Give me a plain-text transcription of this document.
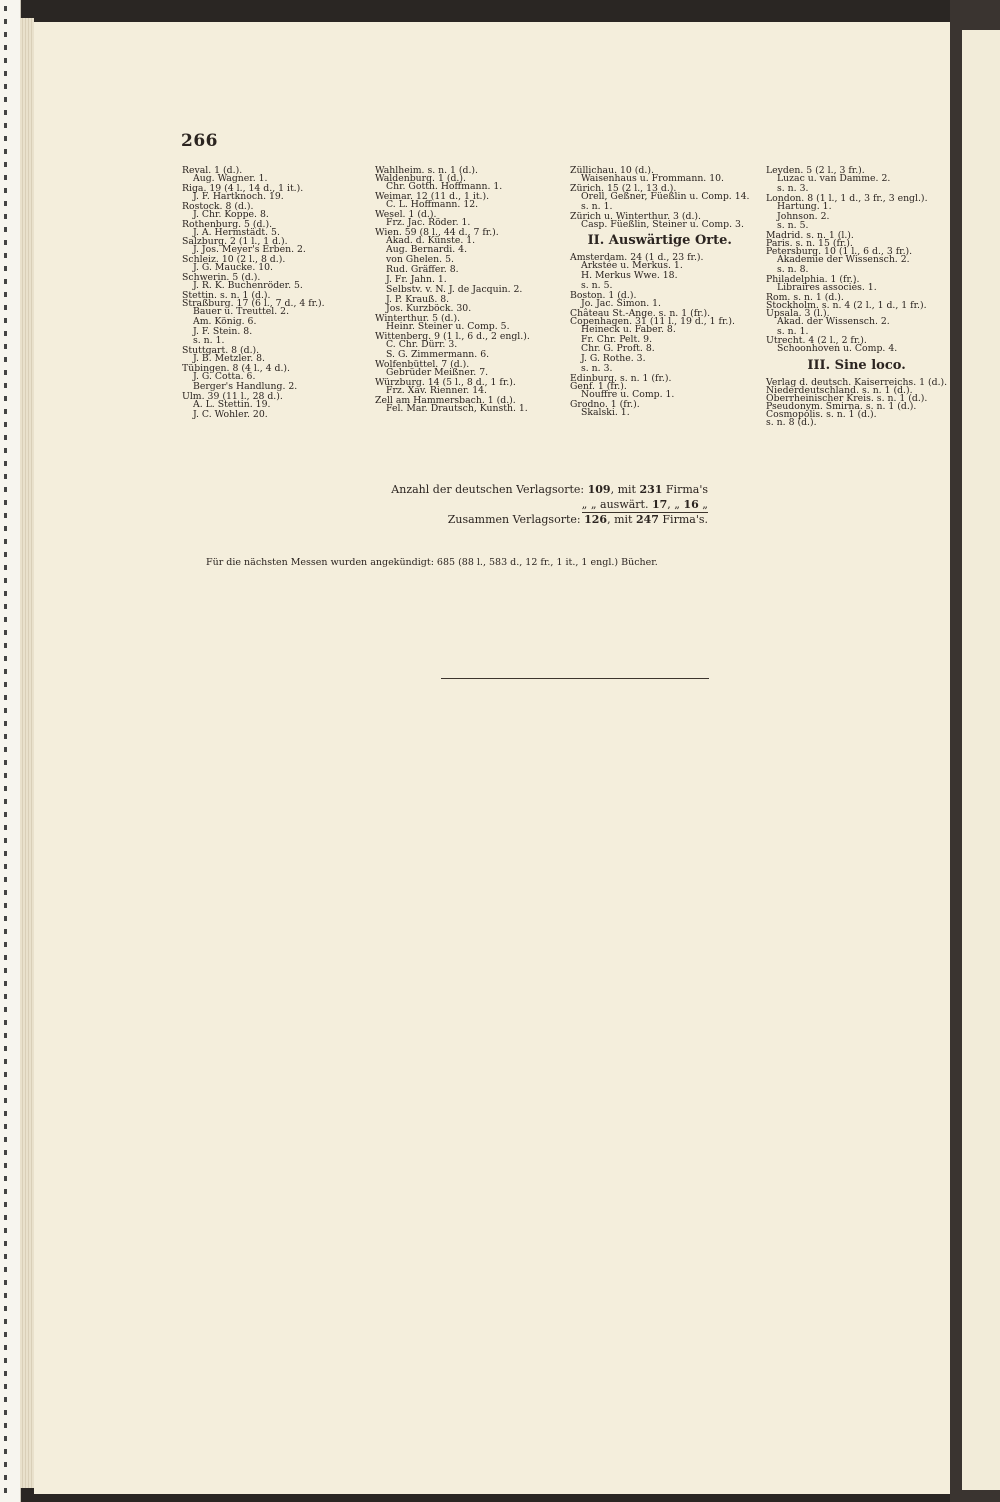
266
Reval. 1 (d.).
Aug. Wagner. 1.
Riga. 19 (4 l., 14 d., 1 it.).
J. F. Hartknoch. 19.
Rostock. 8 (d.).
J. Chr. Koppe. 8.
Rothenburg. 5 (d.).
J. A. Hermstädt. 5.
Salzburg. 2 (1 l., 1 d.).
J. Jos. Meyer's Erben. 2.
Schleiz. 10 (2 l., 8 d.).
J. G. Maucke. 10.
Schwerin. 5 (d.).
J. R. K. Buchenröder. 5.
Stettin. s. n. 1 (d.).
Straßburg. 17 (6 l., 7 d., 4 fr.).
Bauer u. Treuttel. 2.
Am. König. 6.
J. F. Stein. 8.
s. n. 1.
Stuttgart. 8 (d.).
J. B. Metzler. 8.
Tübingen. 8 (4 l., 4 d.).
J. G. Cotta. 6.
Berger's Handlung. 2.
Ulm. 39 (11 l., 28 d.).
A. L. Stettin. 19.
J. C. Wohler. 20.
Wahlheim. s. n. 1 (d.).
Waldenburg. 1 (d.).
Chr. Gotth. Hoffmann. 1.
Weimar. 12 (11 d., 1 it.).
C. L. Hoffmann. 12.
Wesel. 1 (d.).
Frz. Jac. Röder. 1.
Wien. 59 (8 l., 44 d., 7 fr.).
Akad. d. Künste. 1.
Aug. Bernardi. 4.
von Ghelen. 5.
Rud. Gräffer. 8.
J. Fr. Jahn. 1.
Selbstv. v. N. J. de Jacquin. 2.
J. P. Krauß. 8.
Jos. Kurzböck. 30.
Winterthur. 5 (d.).
Heinr. Steiner u. Comp. 5.
Wittenberg. 9 (1 l., 6 d., 2 engl.).
C. Chr. Dürr. 3.
S. G. Zimmermann. 6.
Wolfenbüttel. 7 (d.).
Gebrüder Meißner. 7.
Würzburg. 14 (5 l., 8 d., 1 fr.).
Frz. Xav. Rienner. 14.
Zell am Hammersbach. 1 (d.).
Fel. Mar. Drautsch, Kunsth. 1.
Züllichau. 10 (d.).
Waisenhaus u. Frommann. 10.
Zürich. 15 (2 l., 13 d.).
Orell, Geßner, Füeßlin u. Comp. 14.
s. n. 1.
Zürich u. Winterthur. 3 (d.).
Casp. Füeßlin, Steiner u. Comp. 3.
II. Auswärtige Orte.
Amsterdam. 24 (1 d., 23 fr.).
Arkstée u. Merkus. 1.
H. Merkus Wwe. 18.
s. n. 5.
Boston. 1 (d.).
Jo. Jac. Simon. 1.
Château St.-Ange. s. n. 1 (fr.).
Copenhagen. 31 (11 l., 19 d., 1 fr.).
Heineck u. Faber. 8.
Fr. Chr. Pelt. 9.
Chr. G. Proft. 8.
J. G. Rothe. 3.
s. n. 3.
Edinburg. s. n. 1 (fr.).
Genf. 1 (fr.).
Nouffre u. Comp. 1.
Grodno. 1 (fr.).
Skalski. 1.
Leyden. 5 (2 l., 3 fr.).
Luzac u. van Damme. 2.
s. n. 3.
London. 8 (1 l., 1 d., 3 fr., 3 engl.).
Hartung. 1.
Johnson. 2.
s. n. 5.
Madrid. s. n. 1 (l.).
Paris. s. n. 15 (fr.).
Petersburg. 10 (1 l., 6 d., 3 fr.).
Akademie der Wissensch. 2.
s. n. 8.
Philadelphia. 1 (fr.).
Libraires associés. 1.
Rom. s. n. 1 (d.).
Stockholm. s. n. 4 (2 l., 1 d., 1 fr.).
Upsala. 3 (l.).
Akad. der Wissensch. 2.
s. n. 1.
Utrecht. 4 (2 l., 2 fr.).
Schoonhoven u. Comp. 4.
III. Sine loco.
Verlag d. deutsch. Kaiserreichs. 1 (d.).
Niederdeutschland. s. n. 1 (d.).
Oberrheinischer Kreis. s. n. 1 (d.).
Pseudonym. Smirna. s. n. 1 (d.).
Cosmopolis. s. n. 1 (d.).
s. n. 8 (d.).
Anzahl der deutschen Verlagsorte: 109, mit 231 Firma's
„ „ auswärt. 17, „ 16 „
Zusammen Verlagsorte: 126, mit 247 Firma's.
Für die nächsten Messen wurden angekündigt: 685 (88 l., 583 d., 12 fr., 1 it., 1 engl.) Bücher.
